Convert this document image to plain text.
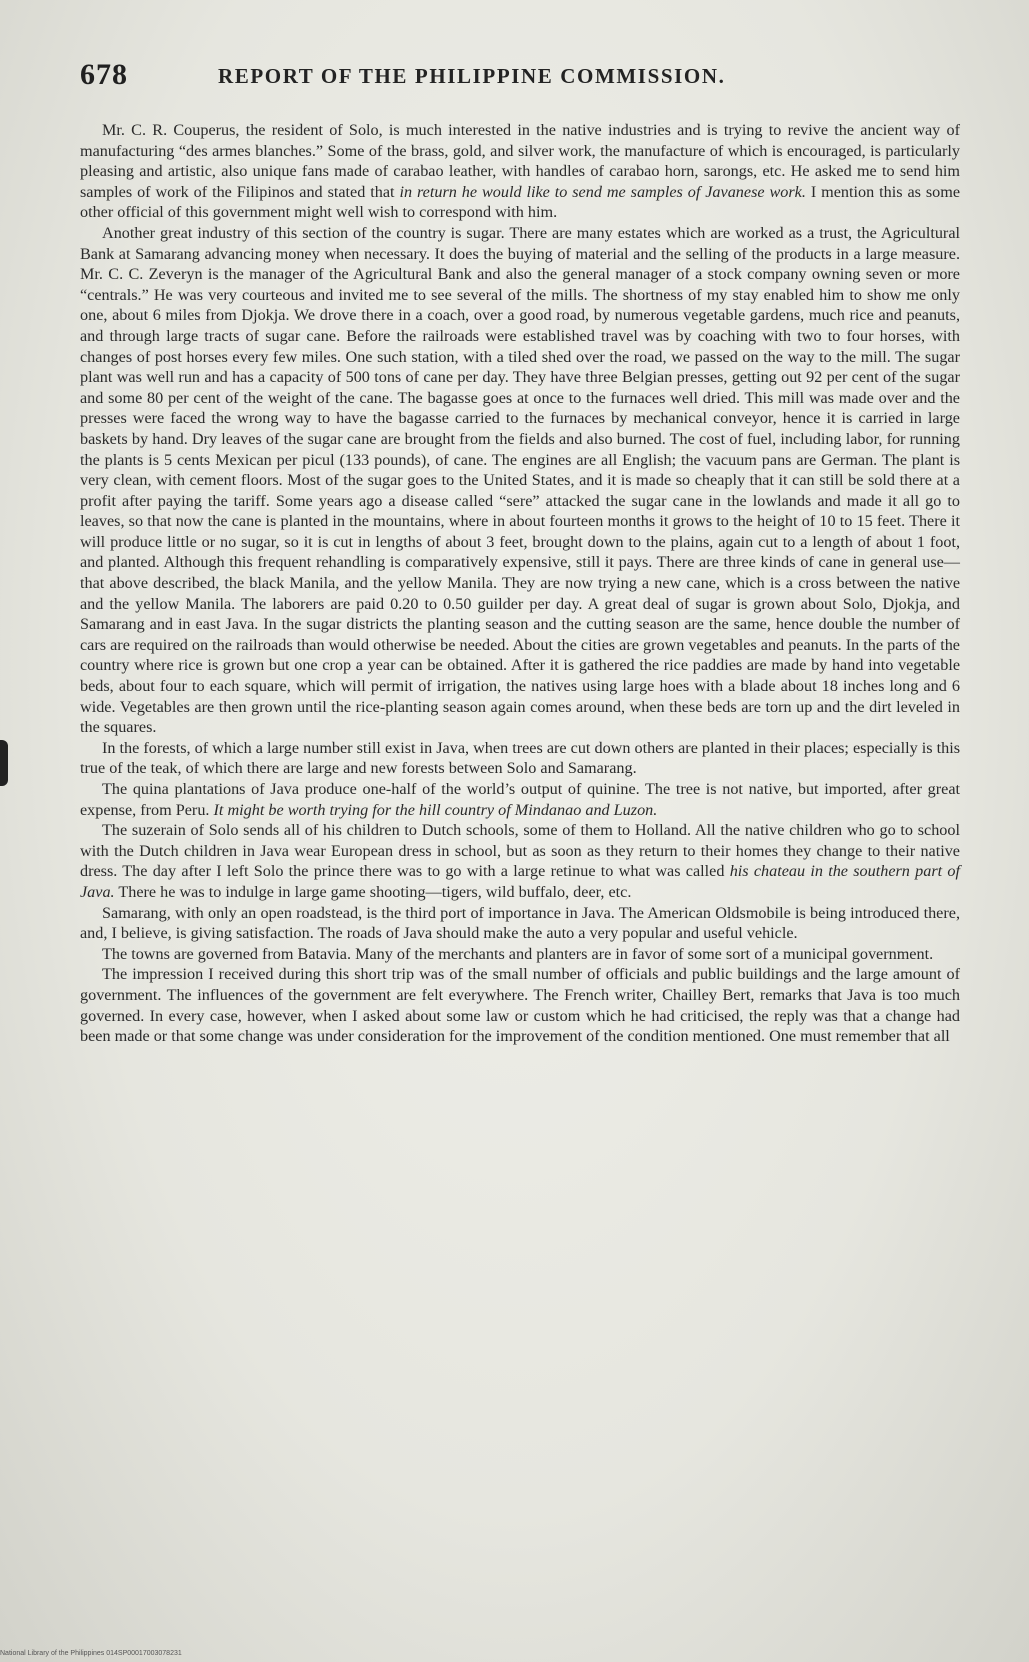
678	REPORT OF THE PHILIPPINE COMMISSION.

Mr. C. R. Couperus, the resident of Solo, is much interested in the native industries and is trying to revive the ancient way of manufacturing “des armes blanches.” Some of the brass, gold, and silver work, the manufacture of which is encouraged, is particularly pleasing and artistic, also unique fans made of carabao leather, with handles of carabao horn, sarongs, etc. He asked me to send him samples of work of the Filipinos and stated that in return he would like to send me samples of Javanese work. I mention this as some other official of this government might well wish to correspond with him.

Another great industry of this section of the country is sugar. There are many estates which are worked as a trust, the Agricultural Bank at Samarang advancing money when necessary. It does the buying of material and the selling of the products in a large measure. Mr. C. C. Zeveryn is the manager of the Agricultural Bank and also the general manager of a stock company owning seven or more “centrals.” He was very courteous and invited me to see several of the mills. The shortness of my stay enabled him to show me only one, about 6 miles from Djokja. We drove there in a coach, over a good road, by numerous vegetable gardens, much rice and peanuts, and through large tracts of sugar cane. Before the railroads were established travel was by coaching with two to four horses, with changes of post horses every few miles. One such station, with a tiled shed over the road, we passed on the way to the mill. The sugar plant was well run and has a capacity of 500 tons of cane per day. They have three Belgian presses, getting out 92 per cent of the sugar and some 80 per cent of the weight of the cane. The bagasse goes at once to the furnaces well dried. This mill was made over and the presses were faced the wrong way to have the bagasse carried to the furnaces by mechanical conveyor, hence it is carried in large baskets by hand. Dry leaves of the sugar cane are brought from the fields and also burned. The cost of fuel, including labor, for running the plants is 5 cents Mexican per picul (133 pounds), of cane. The engines are all English; the vacuum pans are German. The plant is very clean, with cement floors. Most of the sugar goes to the United States, and it is made so cheaply that it can still be sold there at a profit after paying the tariff. Some years ago a disease called “sere” attacked the sugar cane in the lowlands and made it all go to leaves, so that now the cane is planted in the mountains, where in about fourteen months it grows to the height of 10 to 15 feet. There it will produce little or no sugar, so it is cut in lengths of about 3 feet, brought down to the plains, again cut to a length of about 1 foot, and planted. Although this frequent rehandling is comparatively expensive, still it pays. There are three kinds of cane in general use—that above described, the black Manila, and the yellow Manila. They are now trying a new cane, which is a cross between the native and the yellow Manila. The laborers are paid 0.20 to 0.50 guilder per day. A great deal of sugar is grown about Solo, Djokja, and Samarang and in east Java. In the sugar districts the planting season and the cutting season are the same, hence double the number of cars are required on the railroads than would otherwise be needed. About the cities are grown vegetables and peanuts. In the parts of the country where rice is grown but one crop a year can be obtained. After it is gathered the rice paddies are made by hand into vegetable beds, about four to each square, which will permit of irrigation, the natives using large hoes with a blade about 18 inches long and 6 wide. Vegetables are then grown until the rice-planting season again comes around, when these beds are torn up and the dirt leveled in the squares.

In the forests, of which a large number still exist in Java, when trees are cut down others are planted in their places; especially is this true of the teak, of which there are large and new forests between Solo and Samarang.

The quina plantations of Java produce one-half of the world’s output of quinine. The tree is not native, but imported, after great expense, from Peru. It might be worth trying for the hill country of Mindanao and Luzon.

The suzerain of Solo sends all of his children to Dutch schools, some of them to Holland. All the native children who go to school with the Dutch children in Java wear European dress in school, but as soon as they return to their homes they change to their native dress. The day after I left Solo the prince there was to go with a large retinue to what was called his chateau in the southern part of Java. There he was to indulge in large game shooting—tigers, wild buffalo, deer, etc.

Samarang, with only an open roadstead, is the third port of importance in Java. The American Oldsmobile is being introduced there, and, I believe, is giving satisfaction. The roads of Java should make the auto a very popular and useful vehicle.

The towns are governed from Batavia. Many of the merchants and planters are in favor of some sort of a municipal government.

The impression I received during this short trip was of the small number of officials and public buildings and the large amount of government. The influences of the government are felt everywhere. The French writer, Chailley Bert, remarks that Java is too much governed. In every case, however, when I asked about some law or custom which he had criticised, the reply was that a change had been made or that some change was under consideration for the improvement of the condition mentioned. One must remember that all

National Library of the Philippines 014SP00017003078231
